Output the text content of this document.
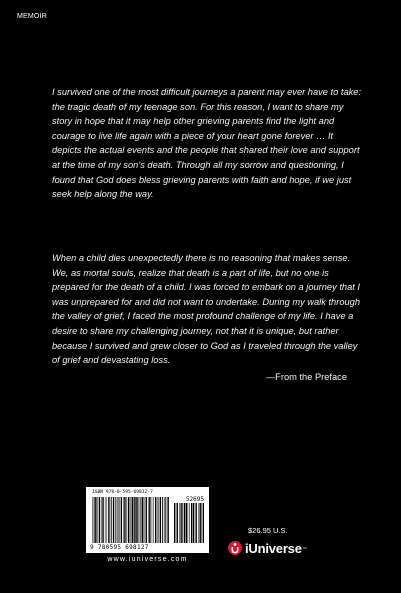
MEMOIR

I survived one of the most difficult journeys a parent may ever have to take: the tragic death of my teenage son. For this reason, I want to share my story in hope that it may help other grieving parents find the light and courage to live life again with a piece of your heart gone forever … It depicts the actual events and the people that shared their love and support at the time of my son’s death. Through all my sorrow and questioning, I found that God does bless grieving parents with faith and hope, if we just seek help along the way.

When a child dies unexpectedly there is no reasoning that makes sense. We, as mortal souls, realize that death is a part of life, but no one is prepared for the death of a child. I was forced to embark on a journey that I was unprepared for and did not want to undertake. During my walk through the valley of grief, I faced the most profound challenge of my life. I have a desire to share my challenging journey, not that it is unique, but rather because I survived and grew closer to God as I traveled through the valley of grief and devastating loss.

—From the Preface
ISBN 978-0-595-69812-7
52695
9 780595 698127
www.iuniverse.com
$26.95 U.S.
iUniverse ™
